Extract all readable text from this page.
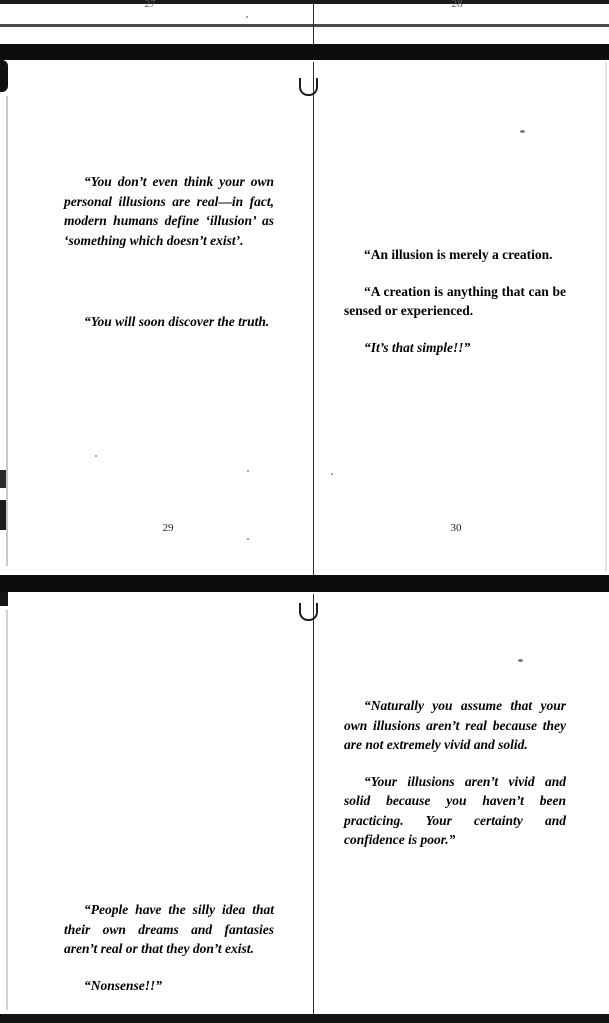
27	28

“You don’t even think your own personal illusions are real—in fact, modern humans define ‘illusion’ as ‘something which doesn’t exist’.

“You will soon discover the truth.

“An illusion is merely a creation.

“A creation is anything that can be sensed or experienced.

“It’s that simple!!”

29	30

“Naturally you assume that your own illusions aren’t real because they are not extremely vivid and solid.

“Your illusions aren’t vivid and solid because you haven’t been practicing. Your certainty and confidence is poor.”

“People have the silly idea that their own dreams and fantasies aren’t real or that they don’t exist.

“Nonsense!!”
